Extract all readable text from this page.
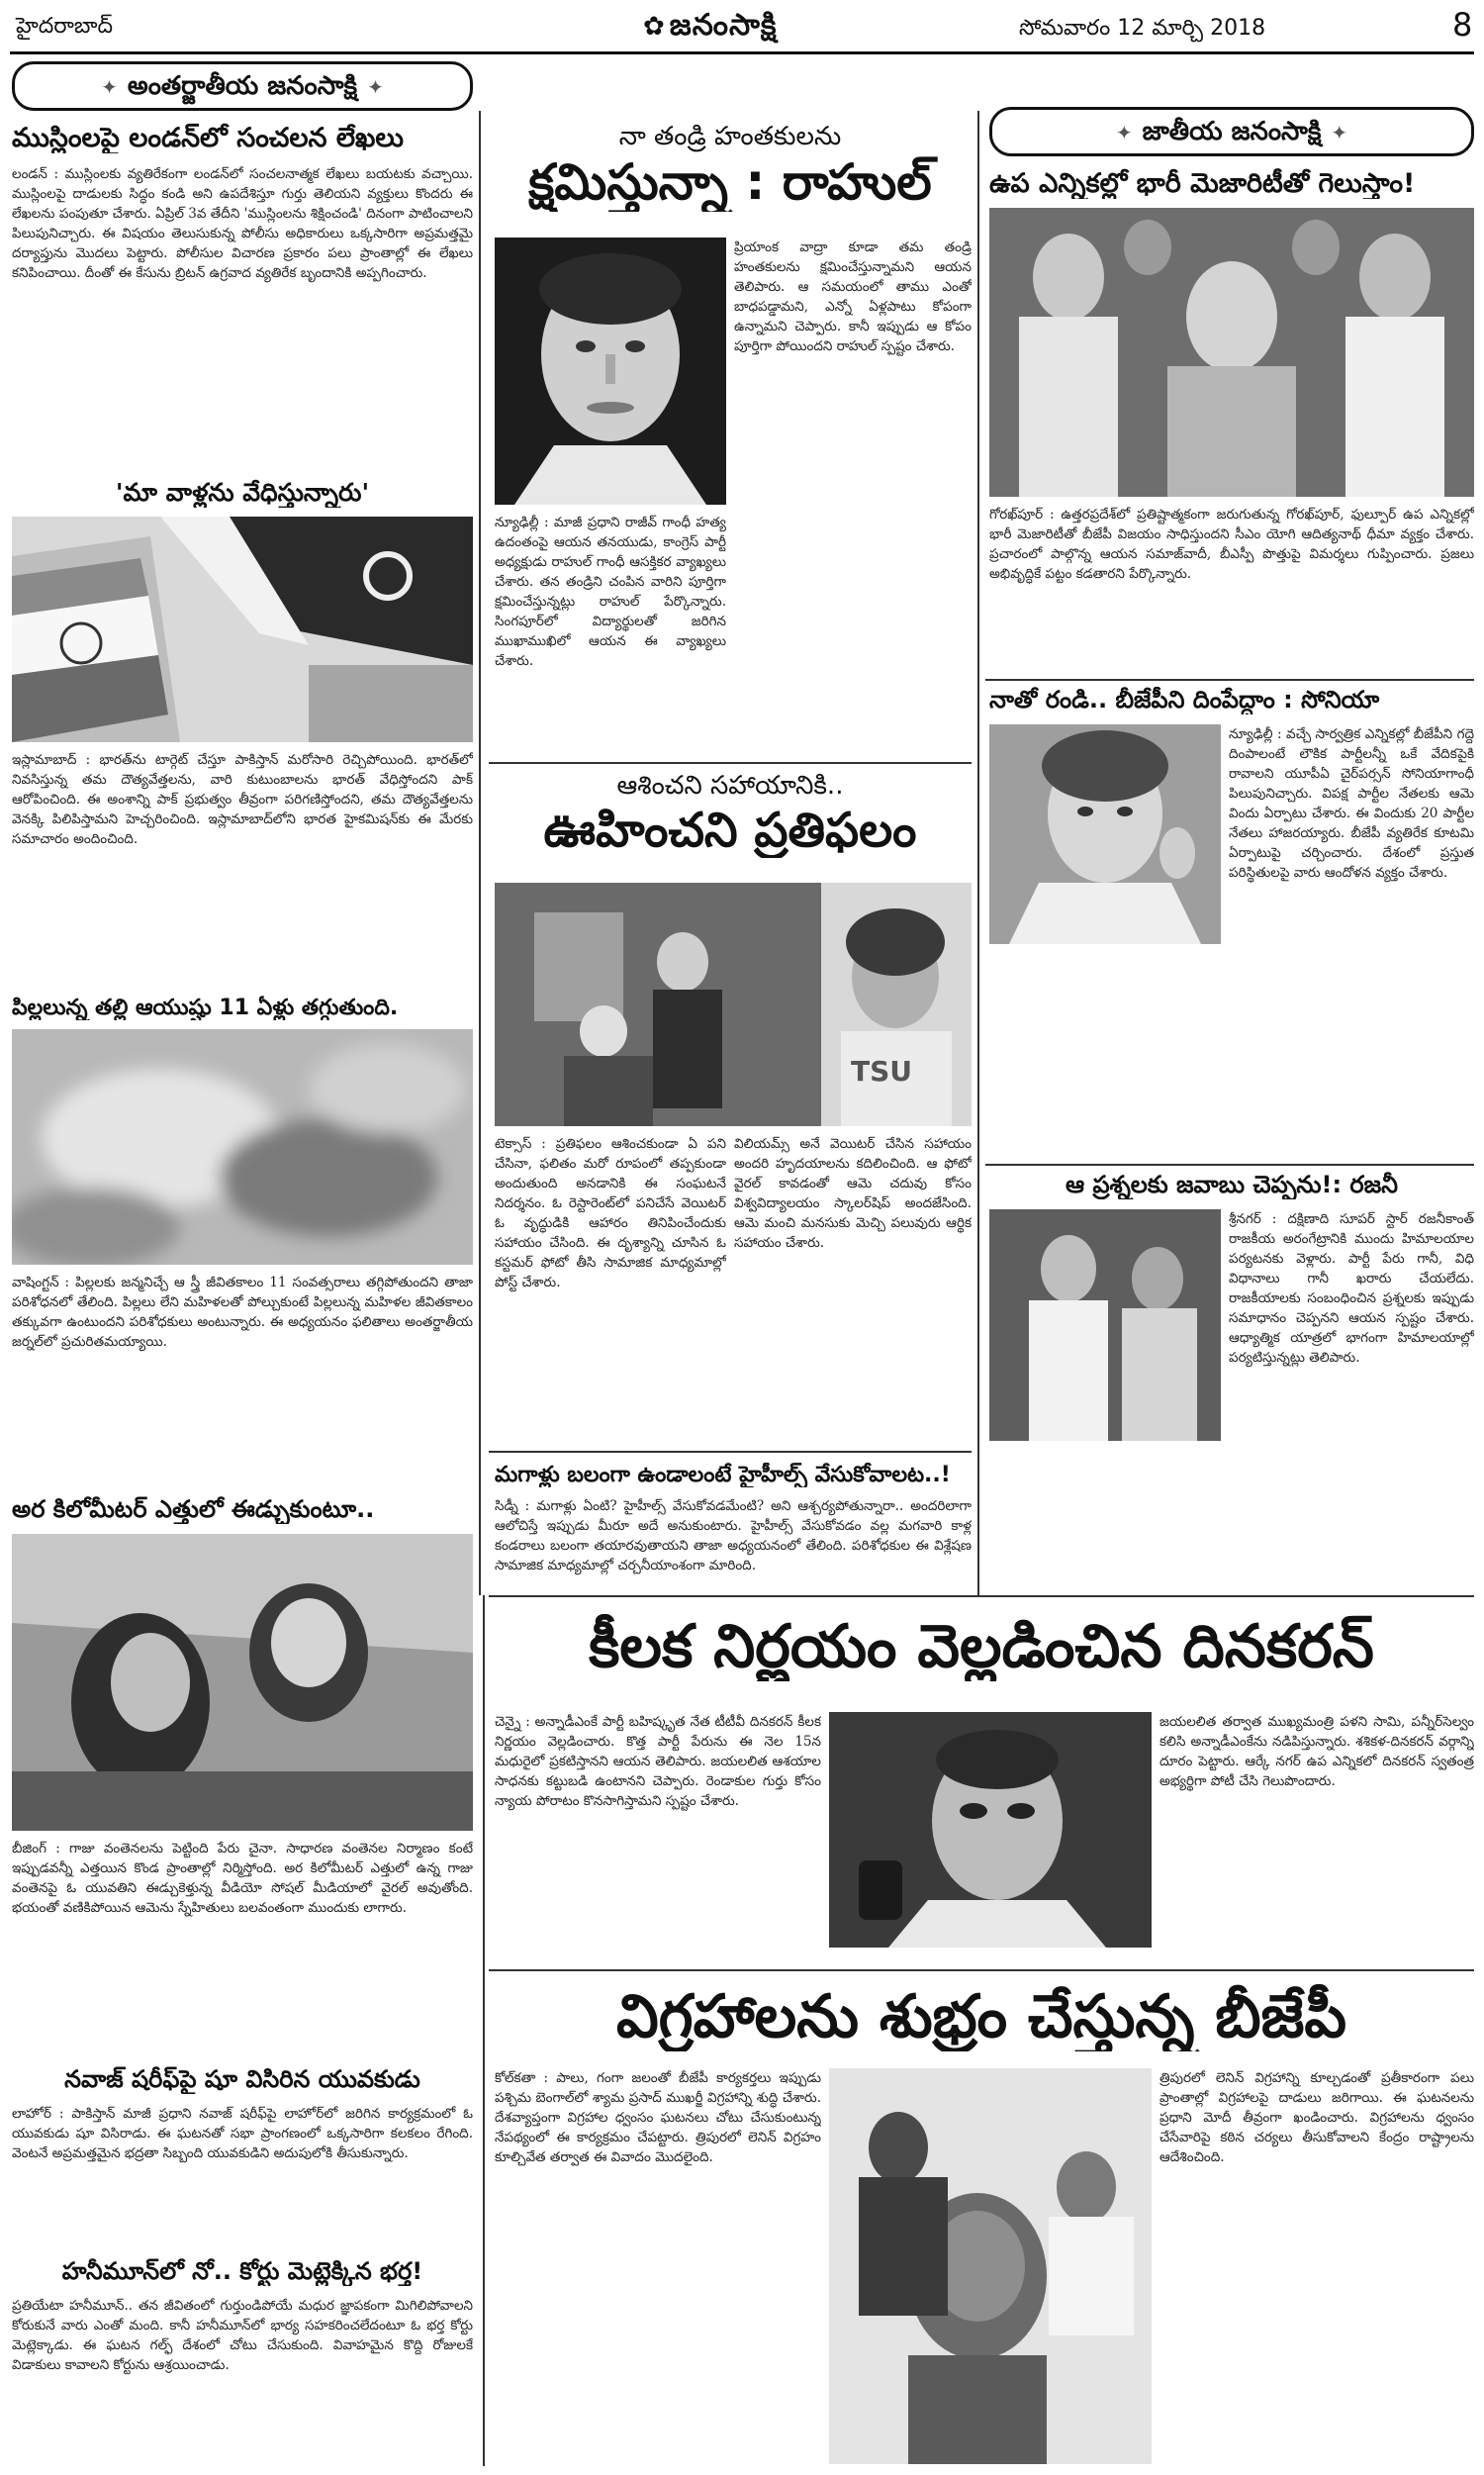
హైదరాబాద్	✿ జనంసాక్షి	సోమవారం 12 మార్చి 2018	8
✦ అంతర్జాతీయ జనంసాక్షి ✦
ముస్లింలపై లండన్‌లో సంచలన లేఖలు
లండన్ : ముస్లింలకు వ్యతిరేకంగా లండన్‌లో సంచలనాత్మక లేఖలు బయటకు వచ్చాయి. ముస్లింలపై దాడులకు సిద్ధం కండి అని ఉపదేశిస్తూ గుర్తు తెలియని వ్యక్తులు కొందరు ఈ లేఖలను పంపుతూ చేశారు. ఏప్రిల్ 3వ తేదీని 'ముస్లింలను శిక్షించండి' దినంగా పాటించాలని పిలుపునిచ్చారు. ఈ విషయం తెలుసుకున్న పోలీసు అధికారులు ఒక్కసారిగా అప్రమత్తమై దర్యాప్తును మొదలు పెట్టారు. పోలీసుల విచారణ ప్రకారం పలు ప్రాంతాల్లో ఈ లేఖలు కనిపించాయి. దీంతో ఈ కేసును బ్రిటన్ ఉగ్రవాద వ్యతిరేక బృందానికి అప్పగించారు.
'మా వాళ్లను వేధిస్తున్నారు'
ఇస్లామాబాద్ : భారత్‌ను టార్గెట్ చేస్తూ పాకిస్తాన్ మరోసారి రెచ్చిపోయింది. భారత్‌లో నివసిస్తున్న తమ దౌత్యవేత్తలను, వారి కుటుంబాలను భారత్ వేధిస్తోందని పాక్ ఆరోపించింది. ఈ అంశాన్ని పాక్ ప్రభుత్వం తీవ్రంగా పరిగణిస్తోందని, తమ దౌత్యవేత్తలను వెనక్కి పిలిపిస్తామని హెచ్చరించింది. ఇస్లామాబాద్‌లోని భారత హైకమిషన్‌కు ఈ మేరకు సమాచారం అందించింది.
పిల్లలున్న తల్లి ఆయుష్షు 11 ఏళ్లు తగ్గుతుంది.
వాషింగ్టన్ : పిల్లలకు జన్మనిచ్చే ఆ స్త్రీ జీవితకాలం 11 సంవత్సరాలు తగ్గిపోతుందని తాజా పరిశోధనలో తేలింది. పిల్లలు లేని మహిళలతో పోల్చుకుంటే పిల్లలున్న మహిళల జీవితకాలం తక్కువగా ఉంటుందని పరిశోధకులు అంటున్నారు. ఈ అధ్యయనం ఫలితాలు అంతర్జాతీయ జర్నల్‌లో ప్రచురితమయ్యాయి.
అర కిలోమీటర్ ఎత్తులో ఈడ్చుకుంటూ..
బీజింగ్ : గాజు వంతెనలను పెట్టింది పేరు చైనా. సాధారణ వంతెనల నిర్మాణం కంటే ఇప్పుడవన్నీ ఎత్తయిన కొండ ప్రాంతాల్లో నిర్మిస్తోంది. అర కిలోమీటర్ ఎత్తులో ఉన్న గాజు వంతెనపై ఓ యువతిని ఈడ్చుకెళ్తున్న వీడియో సోషల్ మీడియాలో వైరల్ అవుతోంది. భయంతో వణికిపోయిన ఆమెను స్నేహితులు బలవంతంగా ముందుకు లాగారు.
నవాజ్ షరీఫ్‌పై షూ విసిరిన యువకుడు
లాహోర్ : పాకిస్తాన్ మాజీ ప్రధాని నవాజ్ షరీఫ్‌పై లాహోర్‌లో జరిగిన కార్యక్రమంలో ఓ యువకుడు షూ విసిరాడు. ఈ ఘటనతో సభా ప్రాంగణంలో ఒక్కసారిగా కలకలం రేగింది. వెంటనే అప్రమత్తమైన భద్రతా సిబ్బంది యువకుడిని అదుపులోకి తీసుకున్నారు.
హనీమూన్‌లో నో.. కోర్టు మెట్లెక్కిన భర్త!
ప్రతియేటా హనీమూన్.. తన జీవితంలో గుర్తుండిపోయే మధుర జ్ఞాపకంగా మిగిలిపోవాలని కోరుకునే వారు ఎంతో మంది. కానీ హనీమూన్‌లో భార్య సహకరించలేదంటూ ఓ భర్త కోర్టు మెట్లెక్కాడు. ఈ ఘటన గల్ఫ్ దేశంలో చోటు చేసుకుంది. వివాహమైన కొద్ది రోజులకే విడాకులు కావాలని కోర్టును ఆశ్రయించాడు.
నా తండ్రి హంతకులను
క్షమిస్తున్నా : రాహుల్
న్యూఢిల్లీ : మాజీ ప్రధాని రాజీవ్ గాంధీ హత్య ఉదంతంపై ఆయన తనయుడు, కాంగ్రెస్ పార్టీ అధ్యక్షుడు రాహుల్ గాంధీ ఆసక్తికర వ్యాఖ్యలు చేశారు. తన తండ్రిని చంపిన వారిని పూర్తిగా క్షమించేస్తున్నట్లు రాహుల్ పేర్కొన్నారు. సింగపూర్‌లో విద్యార్థులతో జరిగిన ముఖాముఖిలో ఆయన ఈ వ్యాఖ్యలు చేశారు.
ప్రియాంక వాద్రా కూడా తమ తండ్రి హంతకులను క్షమించేస్తున్నామని ఆయన తెలిపారు. ఆ సమయంలో తాము ఎంతో బాధపడ్డామని, ఎన్నో ఏళ్లపాటు కోపంగా ఉన్నామని చెప్పారు. కానీ ఇప్పుడు ఆ కోపం పూర్తిగా పోయిందని రాహుల్ స్పష్టం చేశారు.
ఆశించని సహాయానికి..
ఊహించని ప్రతిఫలం
TSU
టెక్సాస్ : ప్రతిఫలం ఆశించకుండా ఏ పని చేసినా, ఫలితం మరో రూపంలో తప్పకుండా అందుతుంది అనడానికి ఈ సంఘటనే నిదర్శనం. ఓ రెస్టారెంట్‌లో పనిచేసే వెయిటర్ ఓ వృద్ధుడికి ఆహారం తినిపించేందుకు సహాయం చేసింది. ఈ దృశ్యాన్ని చూసిన ఓ కస్టమర్ ఫోటో తీసి సామాజిక మాధ్యమాల్లో పోస్ట్ చేశారు.
విలియమ్స్ అనే వెయిటర్ చేసిన సహాయం అందరి హృదయాలను కదిలించింది. ఆ ఫోటో వైరల్ కావడంతో ఆమె చదువు కోసం విశ్వవిద్యాలయం స్కాలర్‌షిప్ అందజేసింది. ఆమె మంచి మనసుకు మెచ్చి పలువురు ఆర్థిక సహాయం చేశారు.
మగాళ్లు బలంగా ఉండాలంటే హైహీల్స్ వేసుకోవాలట..!
సిడ్నీ : మగాళ్లు ఏంటి? హైహీల్స్ వేసుకోవడమేంటి? అని ఆశ్చర్యపోతున్నారా.. అందరిలాగా ఆలోచిస్తే ఇప్పుడు మీరూ అదే అనుకుంటారు. హైహీల్స్ వేసుకోవడం వల్ల మగవారి కాళ్ల కండరాలు బలంగా తయారవుతాయని తాజా అధ్యయనంలో తేలింది. పరిశోధకుల ఈ విశ్లేషణ సామాజిక మాధ్యమాల్లో చర్చనీయాంశంగా మారింది.
✦ జాతీయ జనంసాక్షి ✦
ఉప ఎన్నికల్లో భారీ మెజారిటీతో గెలుస్తాం!
గోరఖ్‌పూర్ : ఉత్తరప్రదేశ్‌లో ప్రతిష్టాత్మకంగా జరుగుతున్న గోరఖ్‌పూర్, ఫుల్పూర్ ఉప ఎన్నికల్లో భారీ మెజారిటీతో బీజేపీ విజయం సాధిస్తుందని సీఎం యోగి ఆదిత్యనాథ్ ధీమా వ్యక్తం చేశారు. ప్రచారంలో పాల్గొన్న ఆయన సమాజ్‌వాదీ, బీఎస్పీ పొత్తుపై విమర్శలు గుప్పించారు. ప్రజలు అభివృద్ధికే పట్టం కడతారని పేర్కొన్నారు.
నాతో రండి.. బీజేపీని దింపేద్దాం : సోనియా
న్యూఢిల్లీ : వచ్చే సార్వత్రిక ఎన్నికల్లో బీజేపీని గద్దె దింపాలంటే లౌకిక పార్టీలన్నీ ఒకే వేదికపైకి రావాలని యూపీఏ చైర్‌పర్సన్ సోనియాగాంధీ పిలుపునిచ్చారు. విపక్ష పార్టీల నేతలకు ఆమె విందు ఏర్పాటు చేశారు. ఈ విందుకు 20 పార్టీల నేతలు హాజరయ్యారు. బీజేపీ వ్యతిరేక కూటమి ఏర్పాటుపై చర్చించారు. దేశంలో ప్రస్తుత పరిస్థితులపై వారు ఆందోళన వ్యక్తం చేశారు.
ఆ ప్రశ్నలకు జవాబు చెప్పను!: రజనీ
శ్రీనగర్ : దక్షిణాది సూపర్ స్టార్ రజనీకాంత్ రాజకీయ అరంగేట్రానికి ముందు హిమాలయాల పర్యటనకు వెళ్లారు. పార్టీ పేరు గానీ, విధి విధానాలు గానీ ఖరారు చేయలేదు. రాజకీయాలకు సంబంధించిన ప్రశ్నలకు ఇప్పుడు సమాధానం చెప్పనని ఆయన స్పష్టం చేశారు. ఆధ్యాత్మిక యాత్రలో భాగంగా హిమాలయాల్లో పర్యటిస్తున్నట్లు తెలిపారు.
కీలక నిర్ణయం వెల్లడించిన దినకరన్
చెన్నై : అన్నాడీఎంకే పార్టీ బహిష్కృత నేత టీటీవీ దినకరన్ కీలక నిర్ణయం వెల్లడించారు. కొత్త పార్టీ పేరును ఈ నెల 15న మధురైలో ప్రకటిస్తానని ఆయన తెలిపారు. జయలలిత ఆశయాల సాధనకు కట్టుబడి ఉంటానని చెప్పారు. రెండాకుల గుర్తు కోసం న్యాయ పోరాటం కొనసాగిస్తామని స్పష్టం చేశారు.
జయలలిత తర్వాత ముఖ్యమంత్రి పళని సామి, పన్నీర్‌సెల్వం కలిసి అన్నాడీఎంకేను నడిపిస్తున్నారు. శశికళ-దినకరన్ వర్గాన్ని దూరం పెట్టారు. ఆర్కే నగర్ ఉప ఎన్నికలో దినకరన్ స్వతంత్ర అభ్యర్థిగా పోటీ చేసి గెలుపొందారు.
విగ్రహాలను శుభ్రం చేస్తున్న బీజేపీ
కోల్‌కతా : పాలు, గంగా జలంతో బీజేపీ కార్యకర్తలు ఇప్పుడు పశ్చిమ బెంగాల్‌లో శ్యామ ప్రసాద్ ముఖర్జీ విగ్రహాన్ని శుద్ధి చేశారు. దేశవ్యాప్తంగా విగ్రహాల ధ్వంసం ఘటనలు చోటు చేసుకుంటున్న నేపథ్యంలో ఈ కార్యక్రమం చేపట్టారు. త్రిపురలో లెనిన్ విగ్రహం కూల్చివేత తర్వాత ఈ వివాదం మొదలైంది.
త్రిపురలో లెనిన్ విగ్రహాన్ని కూల్చడంతో ప్రతీకారంగా పలు ప్రాంతాల్లో విగ్రహాలపై దాడులు జరిగాయి. ఈ ఘటనలను ప్రధాని మోదీ తీవ్రంగా ఖండించారు. విగ్రహాలను ధ్వంసం చేసేవారిపై కఠిన చర్యలు తీసుకోవాలని కేంద్రం రాష్ట్రాలను ఆదేశించింది.
